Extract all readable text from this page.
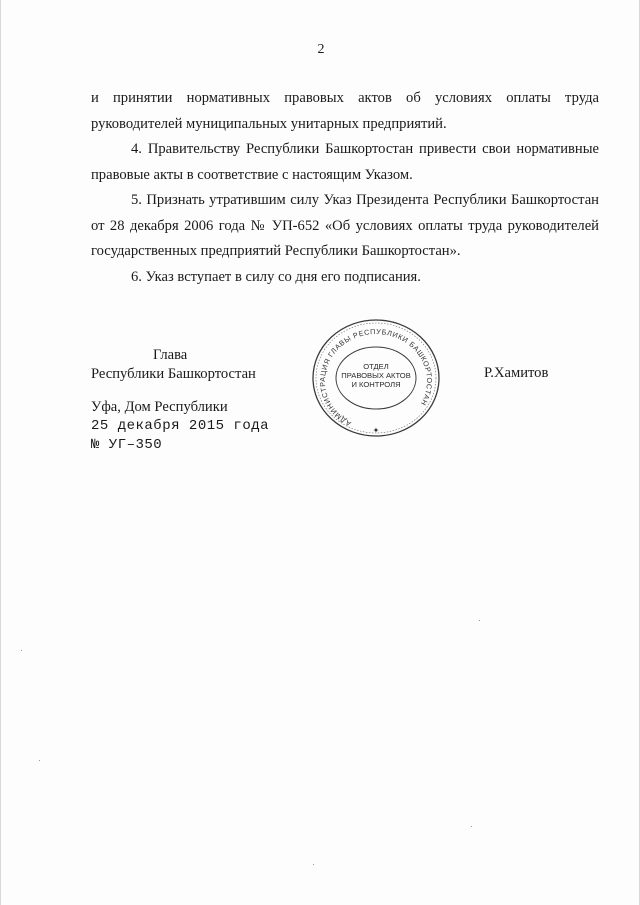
2

и принятии нормативных правовых актов об условиях оплаты труда руководителей муниципальных унитарных предприятий.

4. Правительству Республики Башкортостан привести свои нормативные правовые акты в соответствие с настоящим Указом.

5. Признать утратившим силу Указ Президента Республики Башкортостан от 28 декабря 2006 года № УП-652 «Об условиях оплаты труда руководителей государственных предприятий Республики Башкортостан».

6. Указ вступает в силу со дня его подписания.

Глава
Республики Башкортостан
АДМИНИСТРАЦИЯ ГЛАВЫ РЕСПУБЛИКИ БАШКОРТОСТАН
✦
ОТДЕЛ
ПРАВОВЫХ АКТОВ
И КОНТРОЛЯ
Р.Хамитов
Уфа, Дом Республики
25 декабря 2015 года
№ УГ–350
